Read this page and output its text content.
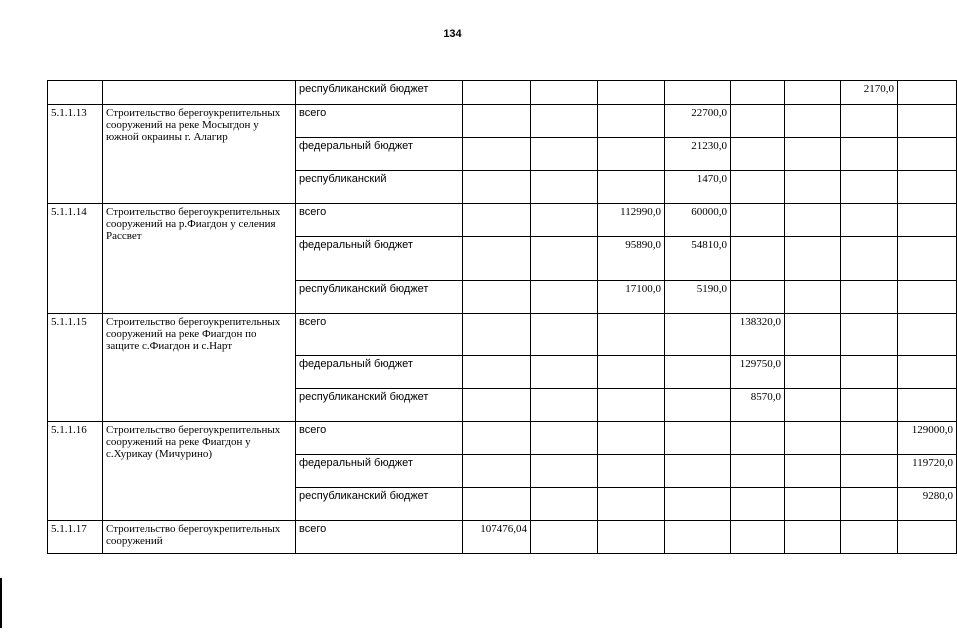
134
		республиканский бюджет							2170,0	
5.1.1.13	Строительство берегоукрепительных сооружений на реке Мосыгдон у южной окраины г. Алагир	всего				22700,0				
		федеральный бюджет				21230,0				
		республиканский				1470,0				
5.1.1.14	Строительство берегоукрепительных сооружений на р.Фиагдон у селения Рассвет	всего			112990,0	60000,0				
		федеральный бюджет			95890,0	54810,0				
		республиканский бюджет			17100,0	5190,0				
5.1.1.15	Строительство берегоукрепительных сооружений на реке Фиагдон по защите с.Фиагдон и с.Нарт	всего					138320,0			
		федеральный бюджет					129750,0			
		республиканский бюджет					8570,0			
5.1.1.16	Строительство берегоукрепительных сооружений на реке Фиагдон у с.Хурикау (Мичурино)	всего								129000,0
		федеральный бюджет								119720,0
		республиканский бюджет								9280,0
5.1.1.17	Строительство берегоукрепительных сооружений	всего	107476,04							
